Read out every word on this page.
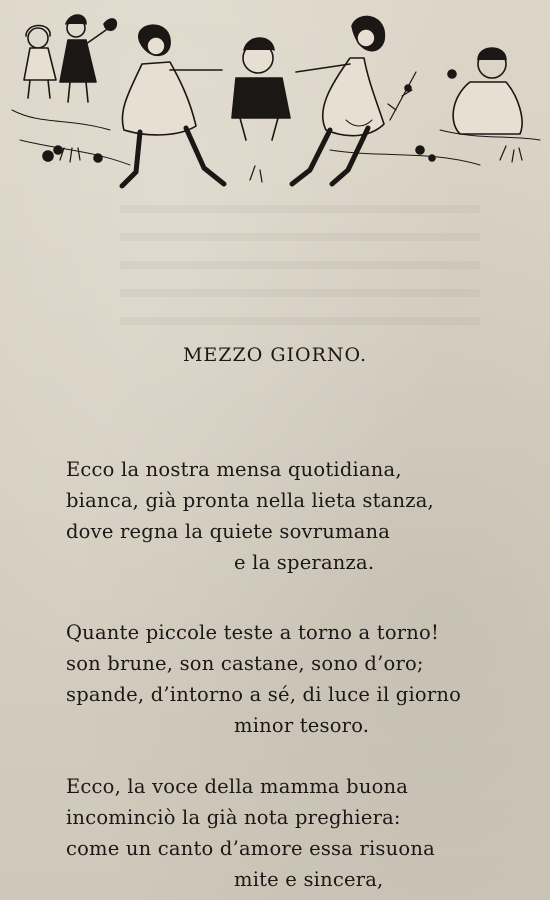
MEZZO GIORNO.
Ecco la nostra mensa quotidiana,
bianca, già pronta nella lieta stanza,
dove regna la quiete sovrumana
e la speranza.
Quante piccole teste a torno a torno!
son brune, son castane, sono d’oro;
spande, d’intorno a sé, di luce il giorno
minor tesoro.
Ecco, la voce della mamma buona
incominciò la già nota preghiera:
come un canto d’amore essa risuona
mite e sincera,
